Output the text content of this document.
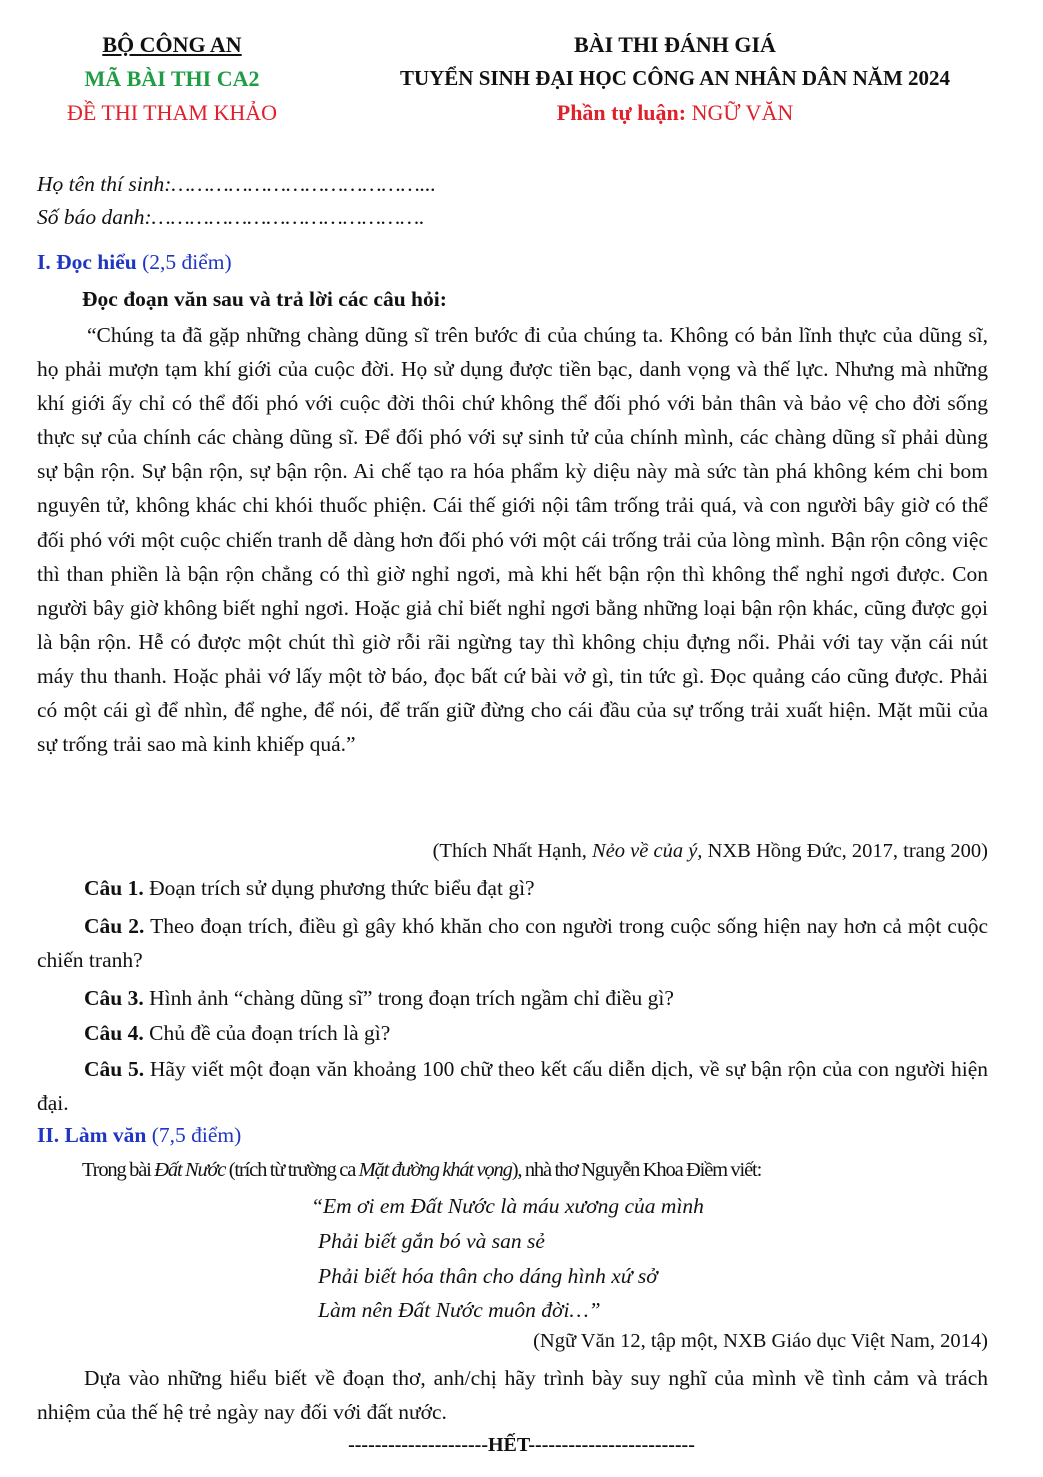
BỘ CÔNG AN
MÃ BÀI THI CA2
ĐỀ THI THAM KHẢO
BÀI THI ĐÁNH GIÁ
TUYỂN SINH ĐẠI HỌC CÔNG AN NHÂN DÂN NĂM 2024
Phần tự luận: NGỮ VĂN
Họ tên thí sinh:…………………………………...
Số báo danh:…………………………………….
I. Đọc hiểu (2,5 điểm)
Đọc đoạn văn sau và trả lời các câu hỏi:
“Chúng ta đã gặp những chàng dũng sĩ trên bước đi của chúng ta. Không có bản lĩnh thực của dũng sĩ, họ phải mượn tạm khí giới của cuộc đời. Họ sử dụng được tiền bạc, danh vọng và thế lực. Nhưng mà những khí giới ấy chỉ có thể đối phó với cuộc đời thôi chứ không thể đối phó với bản thân và bảo vệ cho đời sống thực sự của chính các chàng dũng sĩ. Để đối phó với sự sinh tử của chính mình, các chàng dũng sĩ phải dùng sự bận rộn. Sự bận rộn, sự bận rộn. Ai chế tạo ra hóa phẩm kỳ diệu này mà sức tàn phá không kém chi bom nguyên tử, không khác chi khói thuốc phiện. Cái thế giới nội tâm trống trải quá, và con người bây giờ có thể đối phó với một cuộc chiến tranh dễ dàng hơn đối phó với một cái trống trải của lòng mình. Bận rộn công việc thì than phiền là bận rộn chẳng có thì giờ nghỉ ngơi, mà khi hết bận rộn thì không thể nghỉ ngơi được. Con người bây giờ không biết nghỉ ngơi. Hoặc giả chỉ biết nghỉ ngơi bằng những loại bận rộn khác, cũng được gọi là bận rộn. Hễ có được một chút thì giờ rỗi rãi ngừng tay thì không chịu đựng nổi. Phải với tay vặn cái nút máy thu thanh. Hoặc phải vớ lấy một tờ báo, đọc bất cứ bài vở gì, tin tức gì. Đọc quảng cáo cũng được. Phải có một cái gì để nhìn, để nghe, để nói, để trấn giữ đừng cho cái đầu của sự trống trải xuất hiện. Mặt mũi của sự trống trải sao mà kinh khiếp quá.”
(Thích Nhất Hạnh, Nẻo về của ý, NXB Hồng Đức, 2017, trang 200)
Câu 1. Đoạn trích sử dụng phương thức biểu đạt gì?
Câu 2. Theo đoạn trích, điều gì gây khó khăn cho con người trong cuộc sống hiện nay hơn cả một cuộc chiến tranh?
Câu 3. Hình ảnh “chàng dũng sĩ” trong đoạn trích ngầm chỉ điều gì?
Câu 4. Chủ đề của đoạn trích là gì?
Câu 5. Hãy viết một đoạn văn khoảng 100 chữ theo kết cấu diễn dịch, về sự bận rộn của con người hiện đại.
II. Làm văn (7,5 điểm)
Trong bài Đất Nước (trích từ trường ca Mặt đường khát vọng), nhà thơ Nguyễn Khoa Điềm viết:
“Em ơi em Đất Nước là máu xương của mình
Phải biết gắn bó và san sẻ
Phải biết hóa thân cho dáng hình xứ sở
Làm nên Đất Nước muôn đời…”
(Ngữ Văn 12, tập một, NXB Giáo dục Việt Nam, 2014)
Dựa vào những hiểu biết về đoạn thơ, anh/chị hãy trình bày suy nghĩ của mình về tình cảm và trách nhiệm của thế hệ trẻ ngày nay đối với đất nước.
---------------------HẾT-------------------------
